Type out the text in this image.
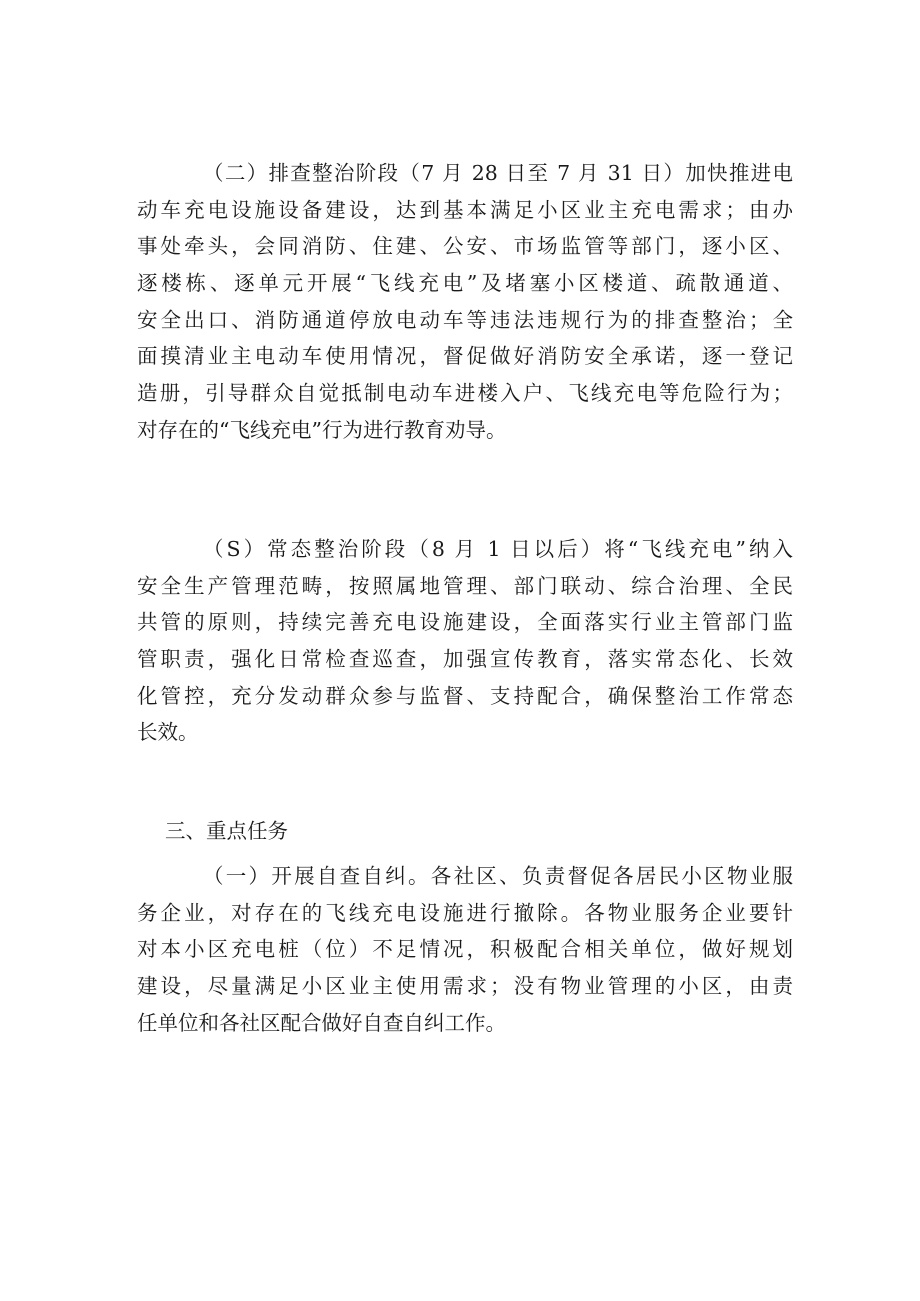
（二）排查整治阶段（7 月 28 日至 7 月 31 日）加快推进电
动车充电设施设备建设，达到基本满足小区业主充电需求；由办
事处牵头，会同消防、住建、公安、市场监管等部门，逐小区、
逐楼栋、逐单元开展“飞线充电”及堵塞小区楼道、疏散通道、
安全出口、消防通道停放电动车等违法违规行为的排查整治；全
面摸清业主电动车使用情况，督促做好消防安全承诺，逐一登记
造册，引导群众自觉抵制电动车进楼入户、飞线充电等危险行为；
对存在的“飞线充电”行为进行教育劝导。
（S）常态整治阶段（8 月 1 日以后）将“飞线充电”纳入
安全生产管理范畴，按照属地管理、部门联动、综合治理、全民
共管的原则，持续完善充电设施建设，全面落实行业主管部门监
管职责，强化日常检查巡查，加强宣传教育，落实常态化、长效
化管控，充分发动群众参与监督、支持配合，确保整治工作常态
长效。
三、重点任务
（一）开展自查自纠。各社区、负责督促各居民小区物业服
务企业，对存在的飞线充电设施进行撤除。各物业服务企业要针
对本小区充电桩（位）不足情况，积极配合相关单位，做好规划
建设，尽量满足小区业主使用需求；没有物业管理的小区，由责
任单位和各社区配合做好自查自纠工作。
